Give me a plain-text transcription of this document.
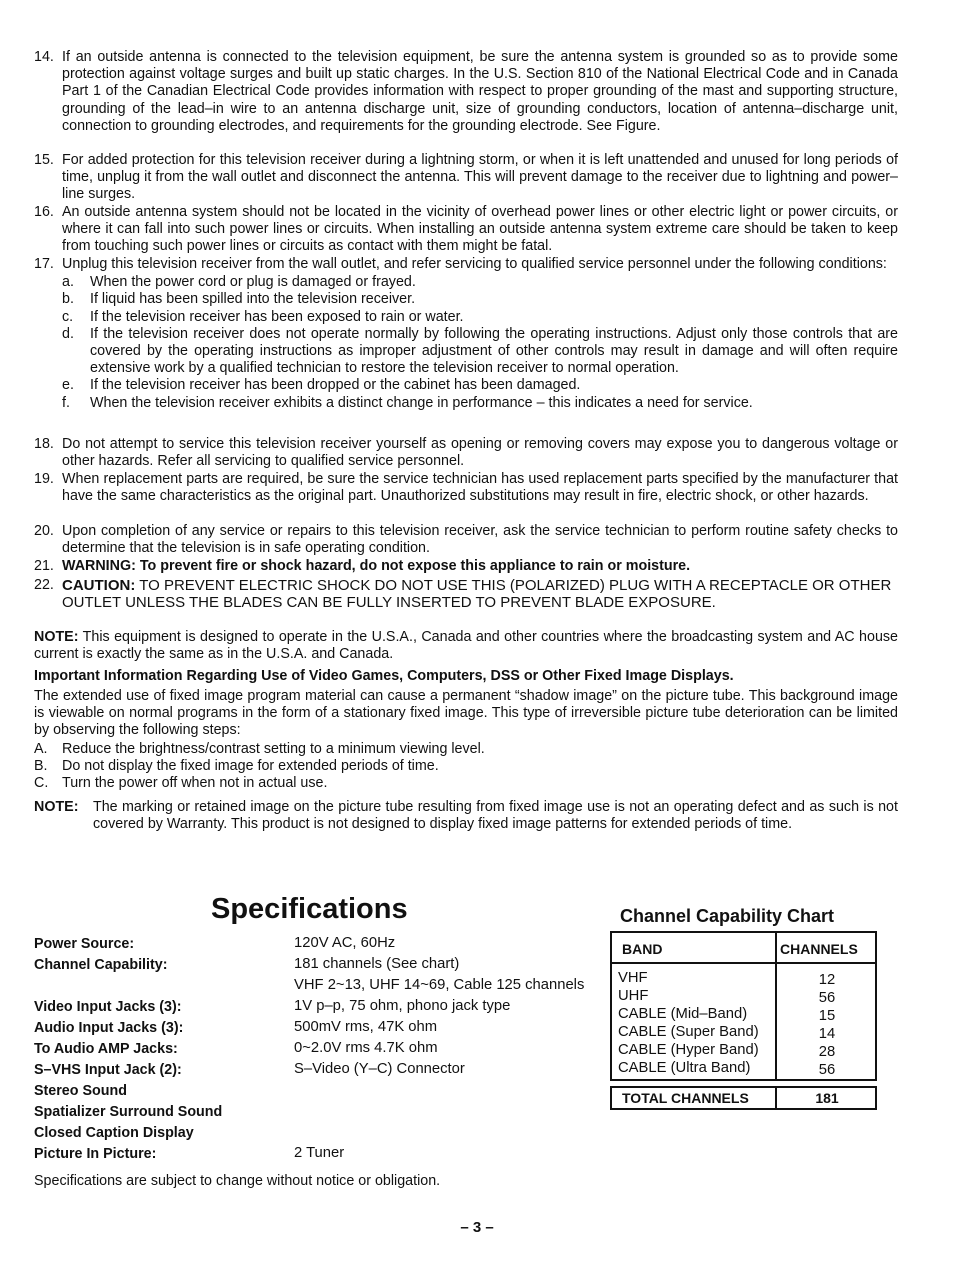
14. If an outside antenna is connected to the television equipment, be sure the antenna system is grounded so as to provide some protection against voltage surges and built up static charges. In the U.S. Section 810 of the National Electrical Code and in Canada Part 1 of the Canadian Electrical Code provides information with respect to proper grounding of the mast and supporting structure, grounding of the lead–in wire to an antenna discharge unit, size of grounding conductors, location of antenna–discharge unit, connection to grounding electrodes, and requirements for the grounding electrode. See Figure.
15. For added protection for this television receiver during a lightning storm, or when it is left unattended and unused for long periods of time, unplug it from the wall outlet and disconnect the antenna. This will prevent damage to the receiver due to lightning and power–line surges.
16. An outside antenna system should not be located in the vicinity of overhead power lines or other electric light or power circuits, or where it can fall into such power lines or circuits. When installing an outside antenna system extreme care should be taken to keep from touching such power lines or circuits as contact with them might be fatal.
17. Unplug this television receiver from the wall outlet, and refer servicing to qualified service personnel under the following conditions:
a.	When the power cord or plug is damaged or frayed.
b.	If liquid has been spilled into the television receiver.
c.	If the television receiver has been exposed to rain or water.
d.	If the television receiver does not operate normally by following the operating instructions. Adjust only those controls that are covered by the operating instructions as improper adjustment of other controls may result in damage and will often require extensive work by a qualified technician to restore the television receiver to normal operation.
e.	If the television receiver has been dropped or the cabinet has been damaged.
f.	When the television receiver exhibits a distinct change in performance – this indicates a need for service.
18. Do not attempt to service this television receiver yourself as opening or removing covers may expose you to dangerous voltage or other hazards. Refer all servicing to qualified service personnel.
19. When replacement parts are required, be sure the service technician has used replacement parts specified by the manufacturer that have the same characteristics as the original part. Unauthorized substitutions may result in fire, electric shock, or other hazards.
20. Upon completion of any service or repairs to this television receiver, ask the service technician to perform routine safety checks to determine that the television is in safe operating condition.
21. WARNING: To prevent fire or shock hazard, do not expose this appliance to rain or moisture.
22. CAUTION: TO PREVENT ELECTRIC SHOCK DO NOT USE THIS (POLARIZED) PLUG WITH A RECEPTACLE OR OTHER OUTLET UNLESS THE BLADES CAN BE FULLY INSERTED TO PREVENT BLADE EXPOSURE.
NOTE: This equipment is designed to operate in the U.S.A., Canada and other countries where the broadcasting system and AC house current is exactly the same as in the U.S.A. and Canada.
Important Information Regarding Use of Video Games, Computers, DSS or Other Fixed Image Displays.
The extended use of fixed image program material can cause a permanent “shadow image” on the picture tube. This background image is viewable on normal programs in the form of a stationary fixed image. This type of irreversible picture tube deterioration can be limited by observing the following steps:
A. Reduce the brightness/contrast setting to a minimum viewing level.
B. Do not display the fixed image for extended periods of time.
C. Turn the power off when not in actual use.
NOTE: The marking or retained image on the picture tube resulting from fixed image use is not an operating defect and as such is not covered by Warranty. This product is not designed to display fixed image patterns for extended periods of time.
Specifications	Channel Capability Chart
Power Source:	120V AC, 60Hz
Channel Capability:	181 channels (See chart)
VHF 2~13, UHF 14~69, Cable 125 channels
Video Input Jacks (3):	1V p–p, 75 ohm, phono jack type
Audio Input Jacks (3):	500mV rms, 47K ohm
To Audio AMP Jacks:	0~2.0V rms 4.7K ohm
S–VHS Input Jack (2):	S–Video (Y–C) Connector
Stereo Sound
Spatializer Surround Sound
Closed Caption Display
Picture In Picture:	2 Tuner
BAND	CHANNELS
VHF	12
UHF	56
CABLE (Mid–Band)	15
CABLE (Super Band)	14
CABLE (Hyper Band)	28
CABLE (Ultra Band)	56
TOTAL CHANNELS	181
Specifications are subject to change without notice or obligation.
– 3 –
